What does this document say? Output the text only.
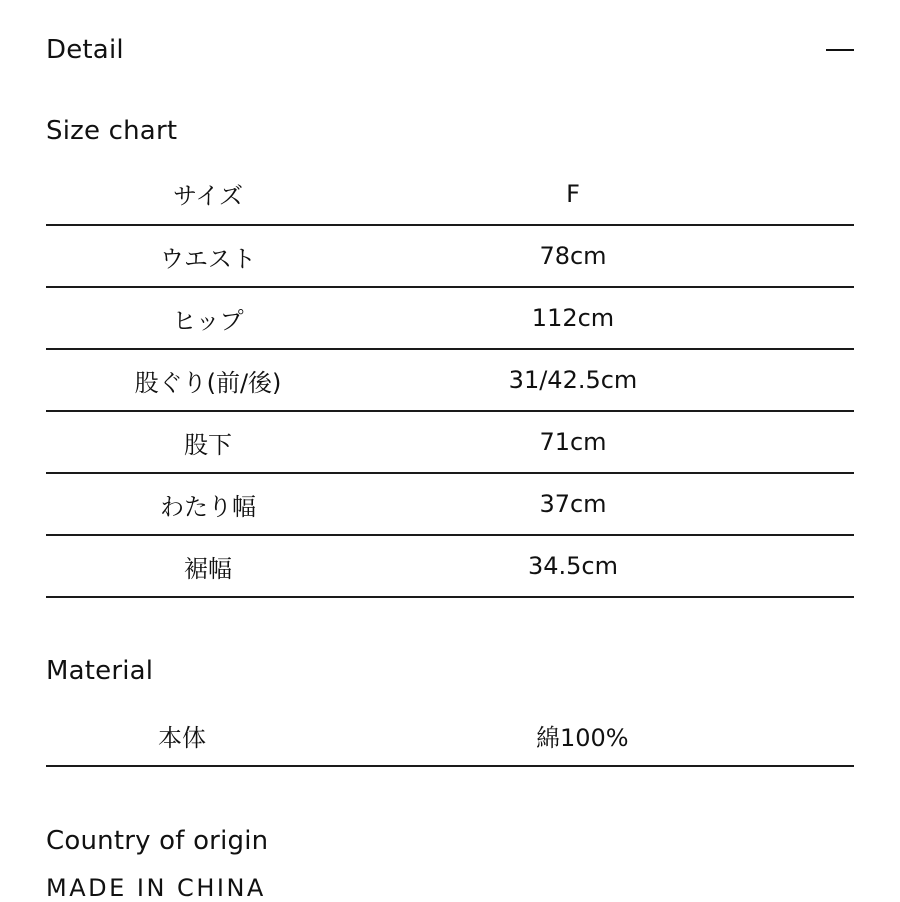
Detail
Size chart
サイズ	F
ウエスト	78cm
ヒップ	112cm
股ぐり(前/後)	31/42.5cm
股下	71cm
わたり幅	37cm
裾幅	34.5cm
Material
本体	綿100%
Country of origin
MADE IN CHINA
